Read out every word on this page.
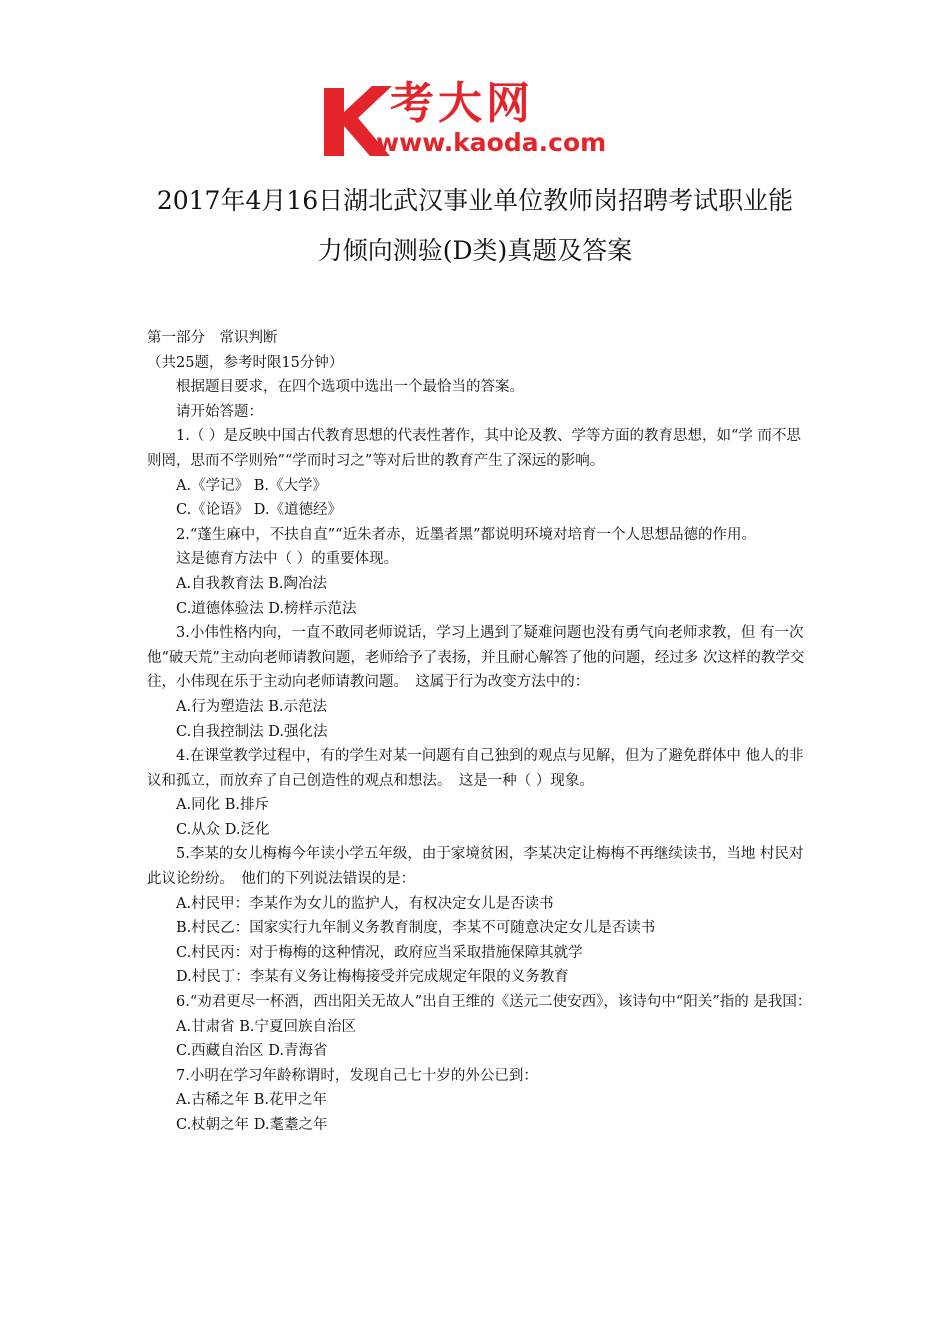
考大网
www.kaoda.com
2017年4月16日湖北武汉事业单位教师岗招聘考试职业能
力倾向测验(D类)真题及答案

第一部分　常识判断

（共25题，参考时限15分钟）

根据题目要求，在四个选项中选出一个最恰当的答案。

请开始答题：

1.（ ）是反映中国古代教育思想的代表性著作，其中论及教、学等方面的教育思想，如“学 而不思则罔，思而不学则殆”“学而时习之”等对后世的教育产生了深远的影响。

A.《学记》 B.《大学》

C.《论语》 D.《道德经》

2.“蓬生麻中，不扶自直”“近朱者赤，近墨者黑”都说明环境对培育一个人思想品德的作用。

这是德育方法中（ ）的重要体现。

A.自我教育法 B.陶冶法

C.道德体验法 D.榜样示范法

3.小伟性格内向，一直不敢同老师说话，学习上遇到了疑难问题也没有勇气向老师求教，但 有一次他“破天荒”主动向老师请教问题，老师给予了表扬，并且耐心解答了他的问题，经过多 次这样的教学交往，小伟现在乐于主动向老师请教问题。　这属于行为改变方法中的：

A.行为塑造法 B.示范法

C.自我控制法 D.强化法

4.在课堂教学过程中，有的学生对某一问题有自己独到的观点与见解，但为了避免群体中 他人的非议和孤立，而放弃了自己创造性的观点和想法。　这是一种（ ）现象。

A.同化 B.排斥

C.从众 D.泛化

5.李某的女儿梅梅今年读小学五年级，由于家境贫困，李某决定让梅梅不再继续读书，当地 村民对此议论纷纷。　他们的下列说法错误的是：

A.村民甲：李某作为女儿的监护人，有权决定女儿是否读书

B.村民乙：国家实行九年制义务教育制度，李某不可随意决定女儿是否读书

C.村民丙：对于梅梅的这种情况，政府应当采取措施保障其就学

D.村民丁：李某有义务让梅梅接受并完成规定年限的义务教育

6.“劝君更尽一杯酒，西出阳关无故人”出自王维的《送元二使安西》，该诗句中“阳关”指的 是我国：

A.甘肃省 B.宁夏回族自治区

C.西藏自治区 D.青海省

7.小明在学习年龄称谓时，发现自己七十岁的外公已到：

A.古稀之年 B.花甲之年

C.杖朝之年 D.耄耋之年
